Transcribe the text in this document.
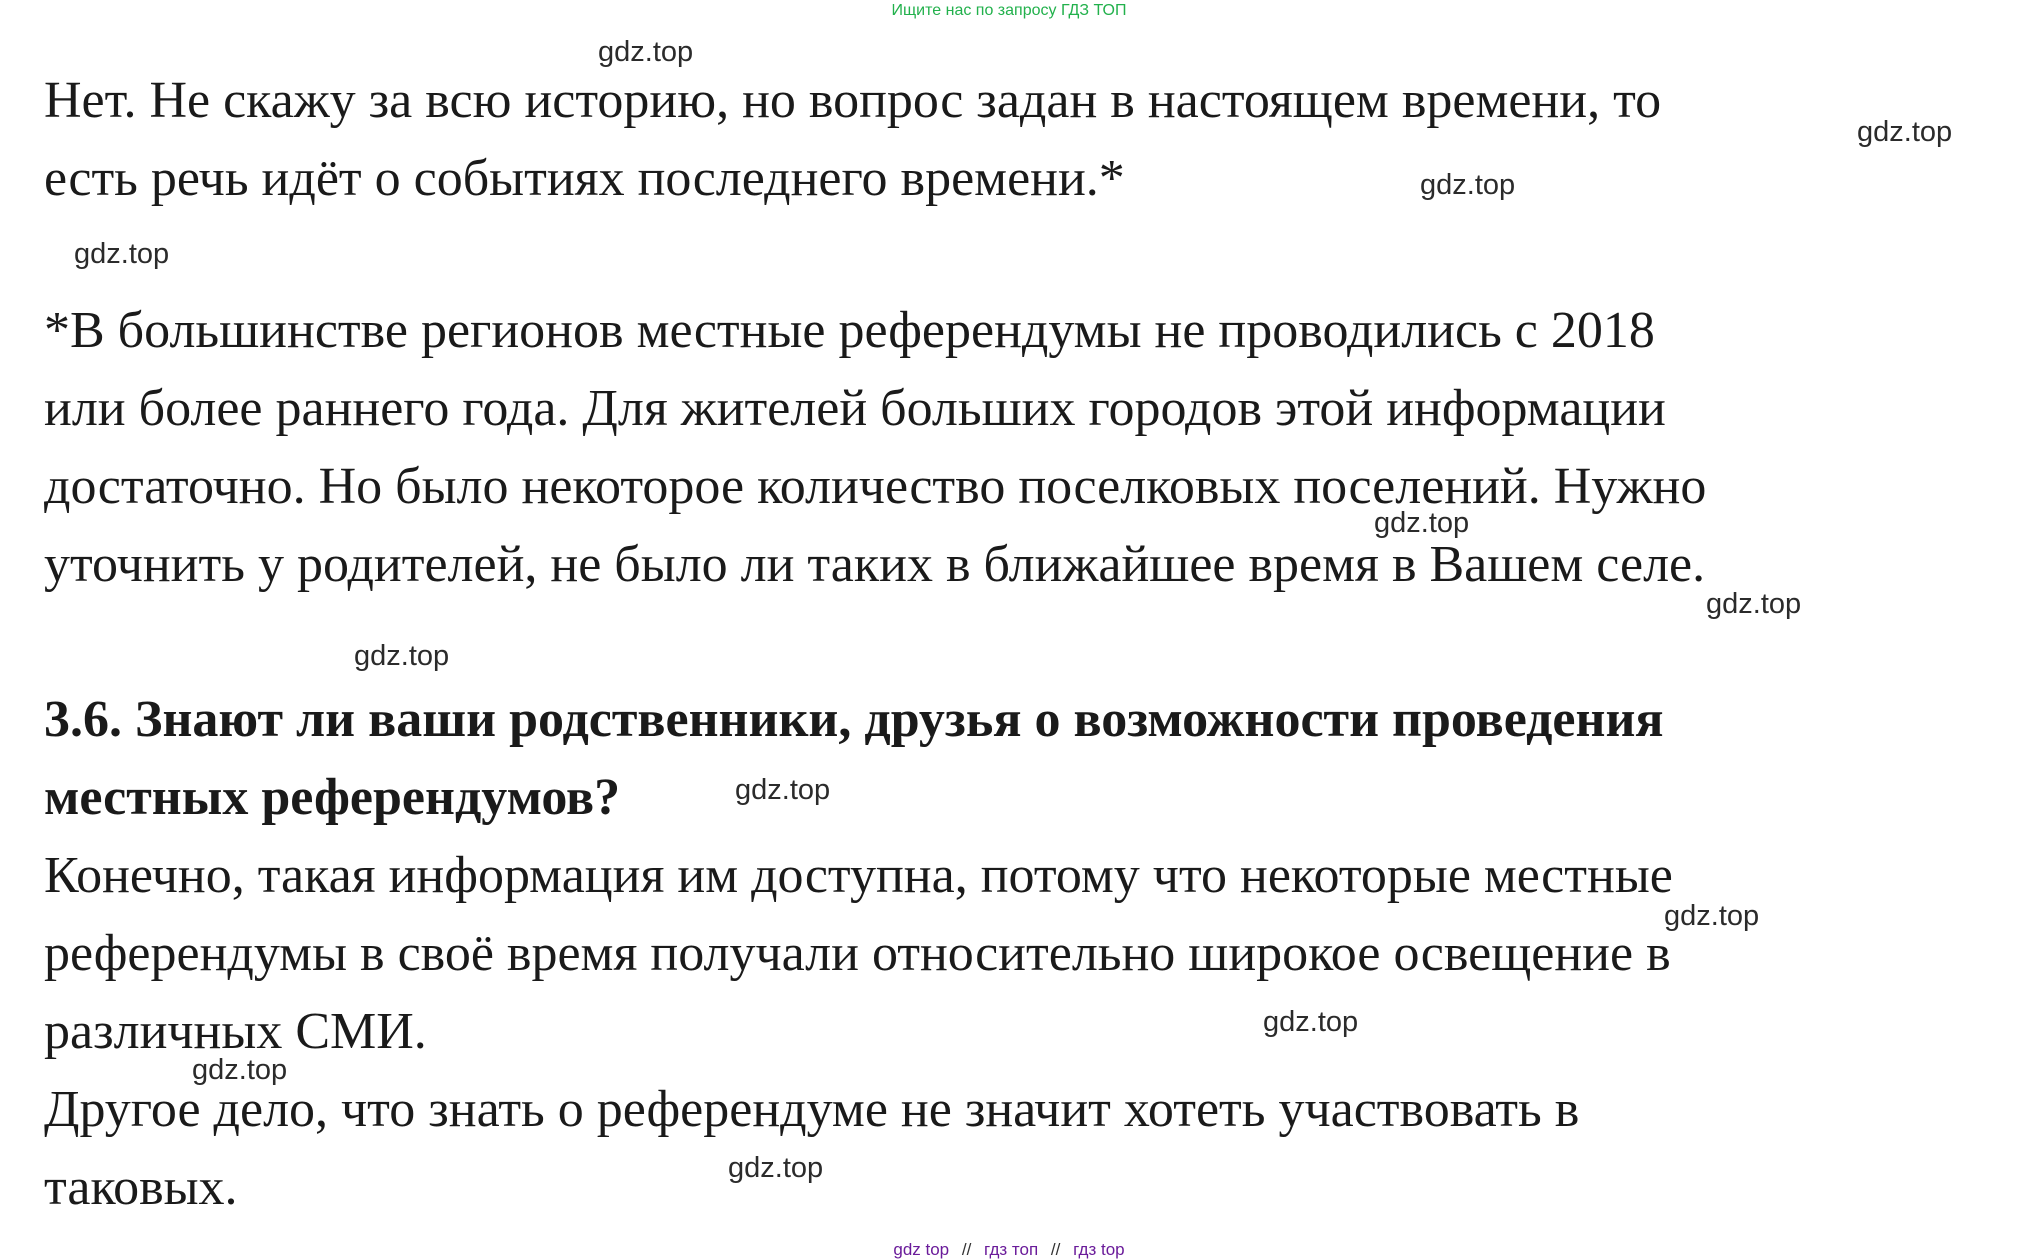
Ищите нас по запросу ГДЗ ТОП

Нет. Не скажу за всю историю, но вопрос задан в настоящем времени, то
есть речь идёт о событиях последнего времени.*

*В большинстве регионов местные референдумы не проводились с 2018
или более раннего года. Для жителей больших городов этой информации
достаточно. Но было некоторое количество поселковых поселений. Нужно
уточнить у родителей, не было ли таких в ближайшее время в Вашем селе.

3.6. Знают ли ваши родственники, друзья о возможности проведения
местных референдумов?

Конечно, такая информация им доступна, потому что некоторые местные
референдумы в своё время получали относительно широкое освещение в
различных СМИ.

Другое дело, что знать о референдуме не значит хотеть участвовать в
таковых.

gdz.top
gdz.top
gdz.top
gdz.top
gdz.top
gdz.top
gdz.top
gdz.top
gdz.top
gdz.top
gdz.top
gdz.top
gdz top // гдз топ // гдз top
